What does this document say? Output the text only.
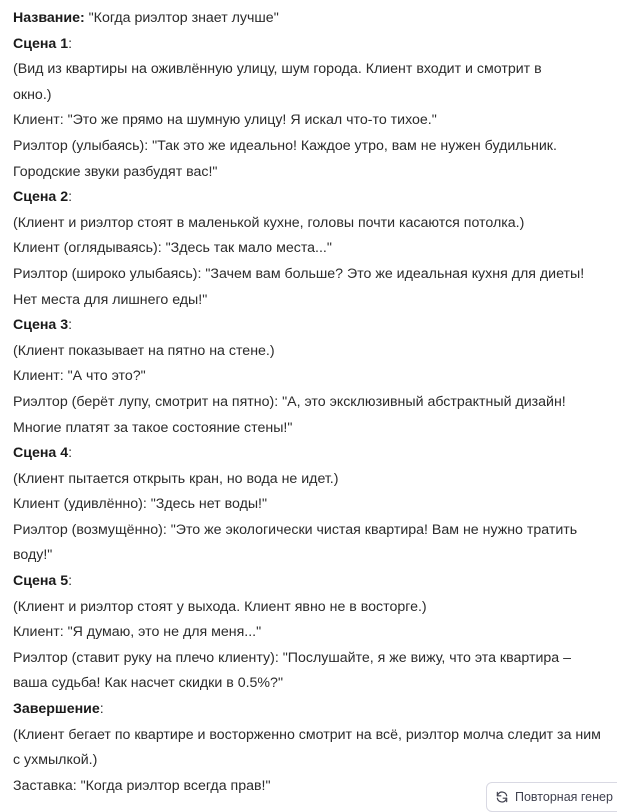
Название: "Когда риэлтор знает лучше"

Сцена 1:

(Вид из квартиры на оживлённую улицу, шум города. Клиент входит и смотрит в окно.)

Клиент: "Это же прямо на шумную улицу! Я искал что-то тихое."

Риэлтор (улыбаясь): "Так это же идеально! Каждое утро, вам не нужен будильник. Городские звуки разбудят вас!"

Сцена 2:

(Клиент и риэлтор стоят в маленькой кухне, головы почти касаются потолка.)

Клиент (оглядываясь): "Здесь так мало места..."

Риэлтор (широко улыбаясь): "Зачем вам больше? Это же идеальная кухня для диеты! Нет места для лишнего еды!"

Сцена 3:

(Клиент показывает на пятно на стене.)

Клиент: "А что это?"

Риэлтор (берёт лупу, смотрит на пятно): "А, это эксклюзивный абстрактный дизайн! Многие платят за такое состояние стены!"

Сцена 4:

(Клиент пытается открыть кран, но вода не идет.)

Клиент (удивлённо): "Здесь нет воды!"

Риэлтор (возмущённо): "Это же экологически чистая квартира! Вам не нужно тратить воду!"

Сцена 5:

(Клиент и риэлтор стоят у выхода. Клиент явно не в восторге.)

Клиент: "Я думаю, это не для меня..."

Риэлтор (ставит руку на плечо клиенту): "Послушайте, я же вижу, что эта квартира – ваша судьба! Как насчет скидки в 0.5%?"

Завершение:

(Клиент бегает по квартире и восторженно смотрит на всё, риэлтор молча следит за ним с ухмылкой.)

Заставка: "Когда риэлтор всегда прав!"

Повторная генер
